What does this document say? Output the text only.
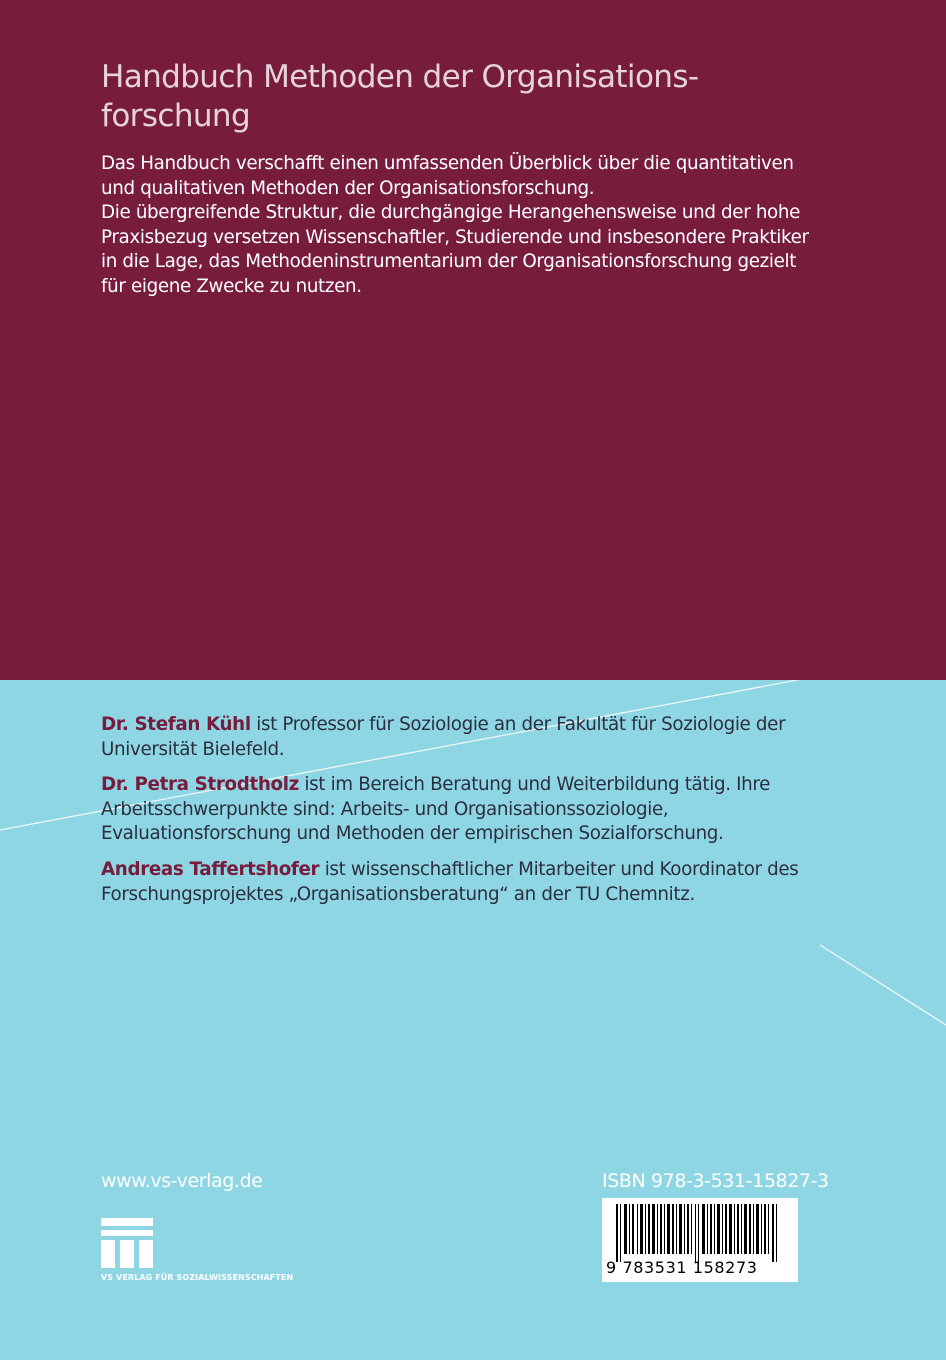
Handbuch Methoden der Organisations-
forschung

Das Handbuch verschafft einen umfassenden Überblick über die quantitativen und qualitativen Methoden der Organisationsforschung.

Die übergreifende Struktur, die durchgängige Herangehensweise und der hohe Praxisbezug versetzen Wissenschaftler, Studierende und insbesondere Praktiker in die Lage, das Methodeninstrumentarium der Organisationsforschung gezielt für eigene Zwecke zu nutzen.

Dr. Stefan Kühl ist Professor für Soziologie an der Fakultät für Soziologie der Universität Bielefeld.

Dr. Petra Strodtholz ist im Bereich Beratung und Weiterbildung tätig. Ihre Arbeitsschwerpunkte sind: Arbeits- und Organisationssoziologie, Evaluationsforschung und Methoden der empirischen Sozialforschung.

Andreas Taffertshofer ist wissenschaftlicher Mitarbeiter und Koordinator des Forschungsprojektes „Organisationsberatung“ an der TU Chemnitz.

www.vs-verlag.de
VS VERLAG FÜR SOZIALWISSENSCHAFTEN
ISBN 978-3-531-15827-3
9 783531 158273
